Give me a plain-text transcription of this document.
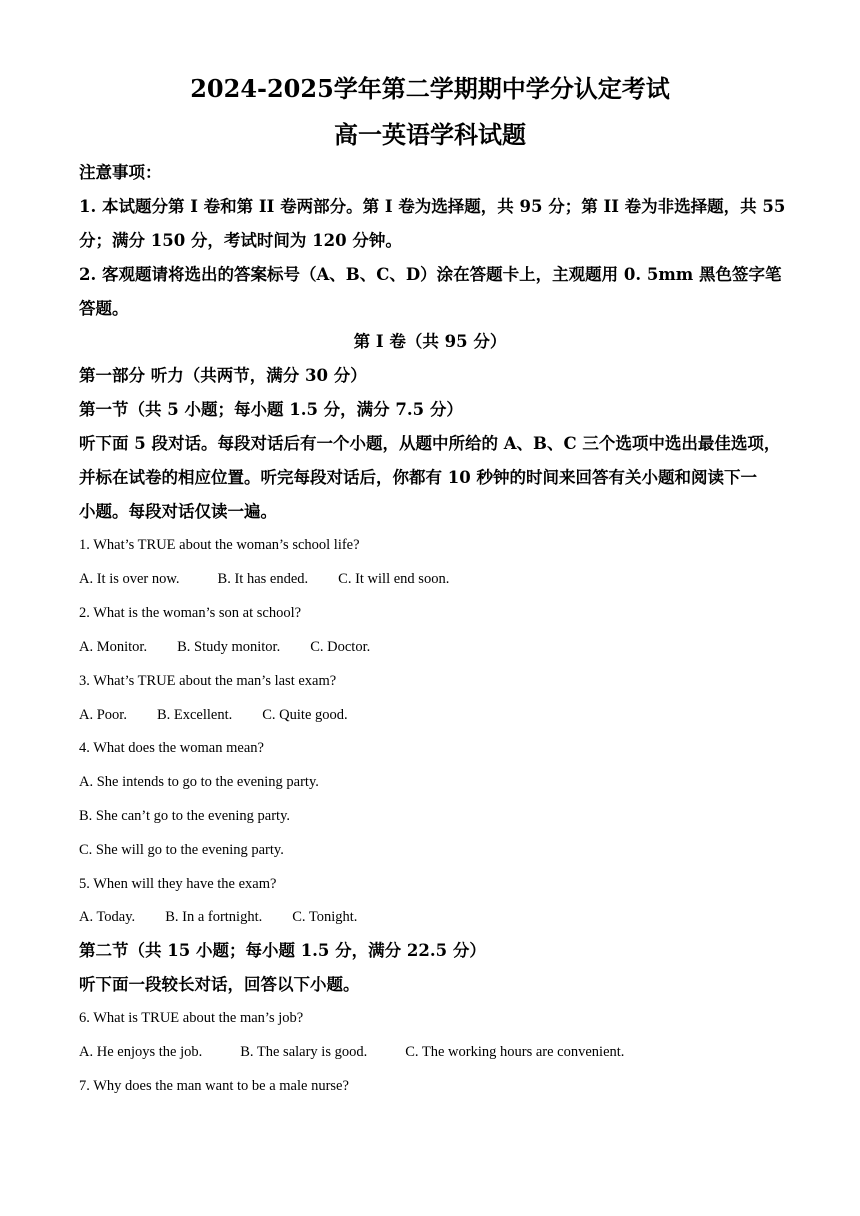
2024-2025学年第二学期期中学分认定考试
高一英语学科试题
注意事项：
1. 本试题分第 I 卷和第 II 卷两部分。第 I 卷为选择题，共 95 分；第 II 卷为非选择题，共 55
分；满分 150 分，考试时间为 120 分钟。
2. 客观题请将选出的答案标号（A、B、C、D）涂在答题卡上，主观题用 0. 5mm 黑色签字笔
答题。
第 I 卷（共 95 分）
第一部分 听力（共两节，满分 30 分）
第一节（共 5 小题；每小题 1.5 分，满分 7.5 分）
听下面 5 段对话。每段对话后有一个小题，从题中所给的 A、B、C 三个选项中选出最佳选项，
并标在试卷的相应位置。听完每段对话后，你都有 10 秒钟的时间来回答有关小题和阅读下一
小题。每段对话仅读一遍。
1. What’s TRUE about the woman’s school life?
A. It is over now.	B. It has ended. C. It will end soon.
2. What is the woman’s son at school?
A. Monitor. B. Study monitor. C. Doctor.
3. What’s TRUE about the man’s last exam?
A. Poor. B. Excellent. C. Quite good.
4. What does the woman mean?
A. She intends to go to the evening party.
B. She can’t go to the evening party.
C. She will go to the evening party.
5. When will they have the exam?
A. Today. B. In a fortnight. C. Tonight.
第二节（共 15 小题；每小题 1.5 分，满分 22.5 分）
听下面一段较长对话，回答以下小题。
6. What is TRUE about the man’s job?
A. He enjoys the job.	B. The salary is good.	C. The working hours are convenient.
7. Why does the man want to be a male nurse?
